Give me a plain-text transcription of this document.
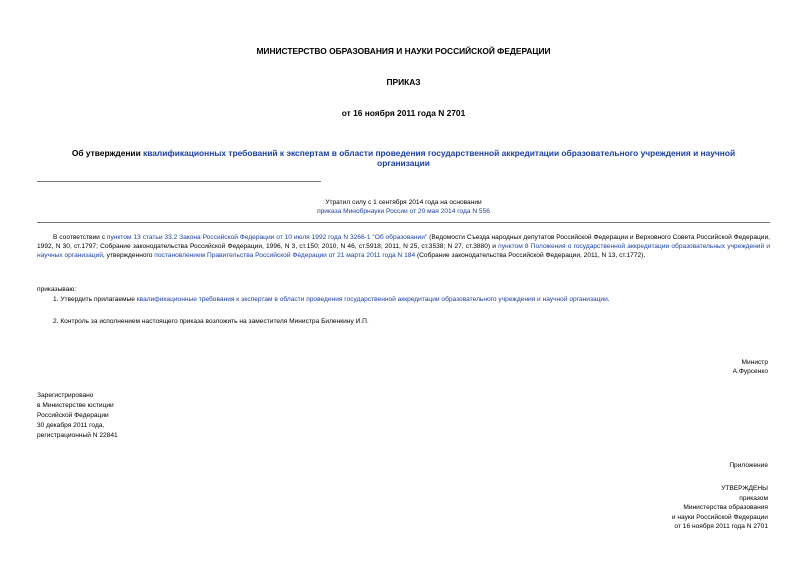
МИНИСТЕРСТВО ОБРАЗОВАНИЯ И НАУКИ РОССИЙСКОЙ ФЕДЕРАЦИИ
ПРИКАЗ
от 16 ноября 2011 года N 2701
Об утверждении квалификационных требований к экспертам в области проведения государственной аккредитации образовательного учреждения и научной
организации
Утратил силу с 1 сентября 2014 года на основании
приказа Минобрнауки России от 20 мая 2014 года N 556
В соответствии с пунктом 13 статьи 33.2 Закона Российской Федерации от 10 июля 1992 года N 3266-1 "Об образовании" (Ведомости Съезда народных депутатов Российской Федерации и Верховного Совета Российской Федерации, 1992, N 30, ст.1797; Собрание законодательства Российской Федерации, 1996, N 3, ст.150; 2010, N 46, ст.5918; 2011, N 25, ст.3538; N 27, ст.3880) и пунктом 8 Положения о государственной аккредитации образовательных учреждений и научных организаций, утвержденного постановлением Правительства Российской Федерации от 21 марта 2011 года N 184 (Собрание законодательства Российской Федерации, 2011, N 13, ст.1772),
приказываю:
1. Утвердить прилагаемые квалификационные требования к экспертам в области проведения государственной аккредитации образовательного учреждения и научной организации.
2. Контроль за исполнением настоящего приказа возложить на заместителя Министра Биленкину И.П.
Министр
А.Фурсенко

Зарегистрировано

в Министерстве юстиции

Российской Федерации

30 декабря 2011 года,

регистрационный N 22841

Приложение

УТВЕРЖДЕНЫ

приказом

Министерства образования

и науки Российской Федерации

от 16 ноября 2011 года N 2701
